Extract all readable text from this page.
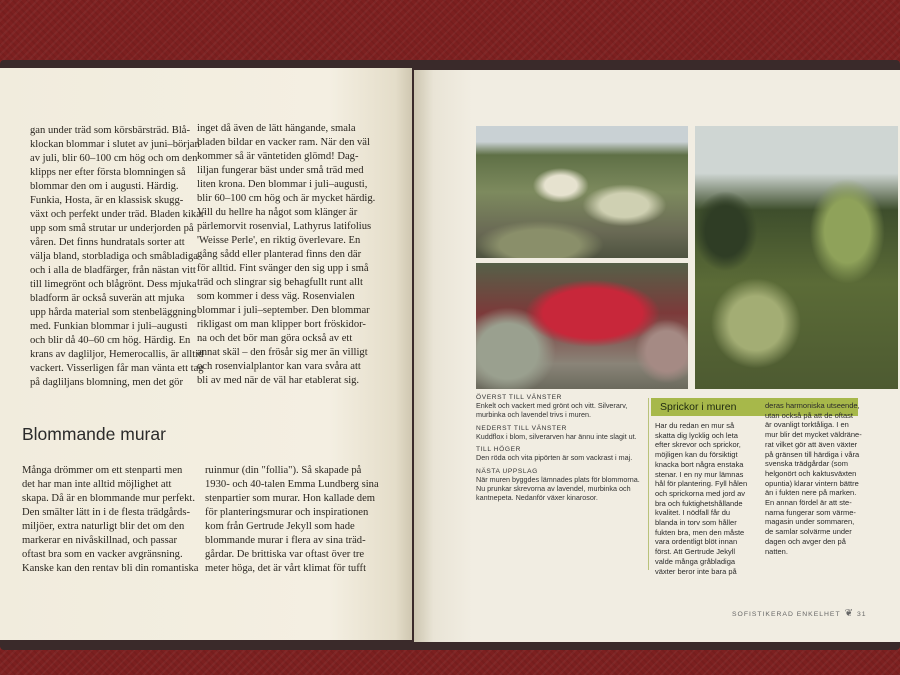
gan under träd som körsbärsträd. Blå-
klockan blommar i slutet av juni–början
av juli, blir 60–100 cm hög och om den
klipps ner efter första blomningen så
blommar den om i augusti. Härdig.
Funkia, Hosta, är en klassisk skugg-
växt och perfekt under träd. Bladen kikar
upp som små strutar ur underjorden på
våren. Det finns hundratals sorter att
välja bland, storbladiga och småbladiga
och i alla de bladfärger, från nästan vitt
till limegrönt och blågrönt. Dess mjuka
bladform är också suverän att mjuka
upp hårda material som stenbeläggning
med. Funkian blommar i juli–augusti
och blir då 40–60 cm hög. Härdig. En
krans av dagliljor, Hemerocallis, är alltid
vackert. Visserligen får man vänta ett tag
på dagliljans blomning, men det gör
inget då även de lätt hängande, smala
bladen bildar en vacker ram. När den väl
kommer så är väntetiden glömd! Dag-
liljan fungerar bäst under små träd med
liten krona. Den blommar i juli–augusti,
blir 60–100 cm hög och är mycket härdig.
Vill du hellre ha något som klänger är
pärlemorvit rosenvial, Lathyrus latifolius
'Weisse Perle', en riktig överlevare. En
gång sådd eller planterad finns den där
för alltid. Fint svänger den sig upp i små
träd och slingrar sig behagfullt runt allt
som kommer i dess väg. Rosenvialen
blommar i juli–september. Den blommar
rikligast om man klipper bort fröskidor-
na och det bör man göra också av ett
annat skäl – den frösår sig mer än villigt
och rosenvialplantor kan vara svåra att
bli av med när de väl har etablerat sig.
Blommande murar
Många drömmer om ett stenparti men
det har man inte alltid möjlighet att
skapa. Då är en blommande mur perfekt.
Den smälter lätt in i de flesta trädgårds-
miljöer, extra naturligt blir det om den
markerar en nivåskillnad, och passar
oftast bra som en vacker avgränsning.
Kanske kan den rentav bli din romantiska
ruinmur (din "follia"). Så skapade på
1930- och 40-talen Emma Lundberg sina
stenpartier som murar. Hon kallade dem
för planteringsmurar och inspirationen
kom från Gertrude Jekyll som hade
blommande murar i flera av sina träd-
gårdar. De brittiska var oftast över tre
meter höga, det är vårt klimat för tufft
ÖVERST TILL VÄNSTER
Enkelt och vackert med grönt och vitt. Silverarv,
murbinka och lavendel trivs i muren.
NEDERST TILL VÄNSTER
Kuddflox i blom, silverarven har ännu inte slagit ut.
TILL HÖGER
Den röda och vita pipörten är som vackrast i maj.
NÄSTA UPPSLAG
När muren byggdes lämnades plats för blommorna.
Nu prunkar skrevorna av lavendel, murbinka och
kantnepeta. Nedanför växer kinarosor.
Sprickor i muren
Har du redan en mur så
skatta dig lycklig och leta
efter skrevor och sprickor,
möjligen kan du försiktigt
knacka bort några enstaka
stenar. I en ny mur lämnas
hål för plantering. Fyll hålen
och sprickorna med jord av
bra och fuktighetshållande
kvalitet. I nödfall får du
blanda in torv som håller
fukten bra, men den måste
vara ordentligt blöt innan
först. Att Gertrude Jekyll
valde många gråbladiga
växter beror inte bara på
deras harmoniska utseende,
utan också på att de oftast
är ovanligt torktåliga. I en
mur blir det mycket väldräne-
rat vilket gör att även växter
på gränsen till härdiga i våra
svenska trädgårdar (som
helgonört och kaktusväxten
opuntia) klarar vintern bättre
än i fukten nere på marken.
En annan fördel är att ste-
narna fungerar som värme-
magasin under sommaren,
de samlar solvärme under
dagen och avger den på
natten.
SOFISTIKERAD ENKELHET ❦ 31
